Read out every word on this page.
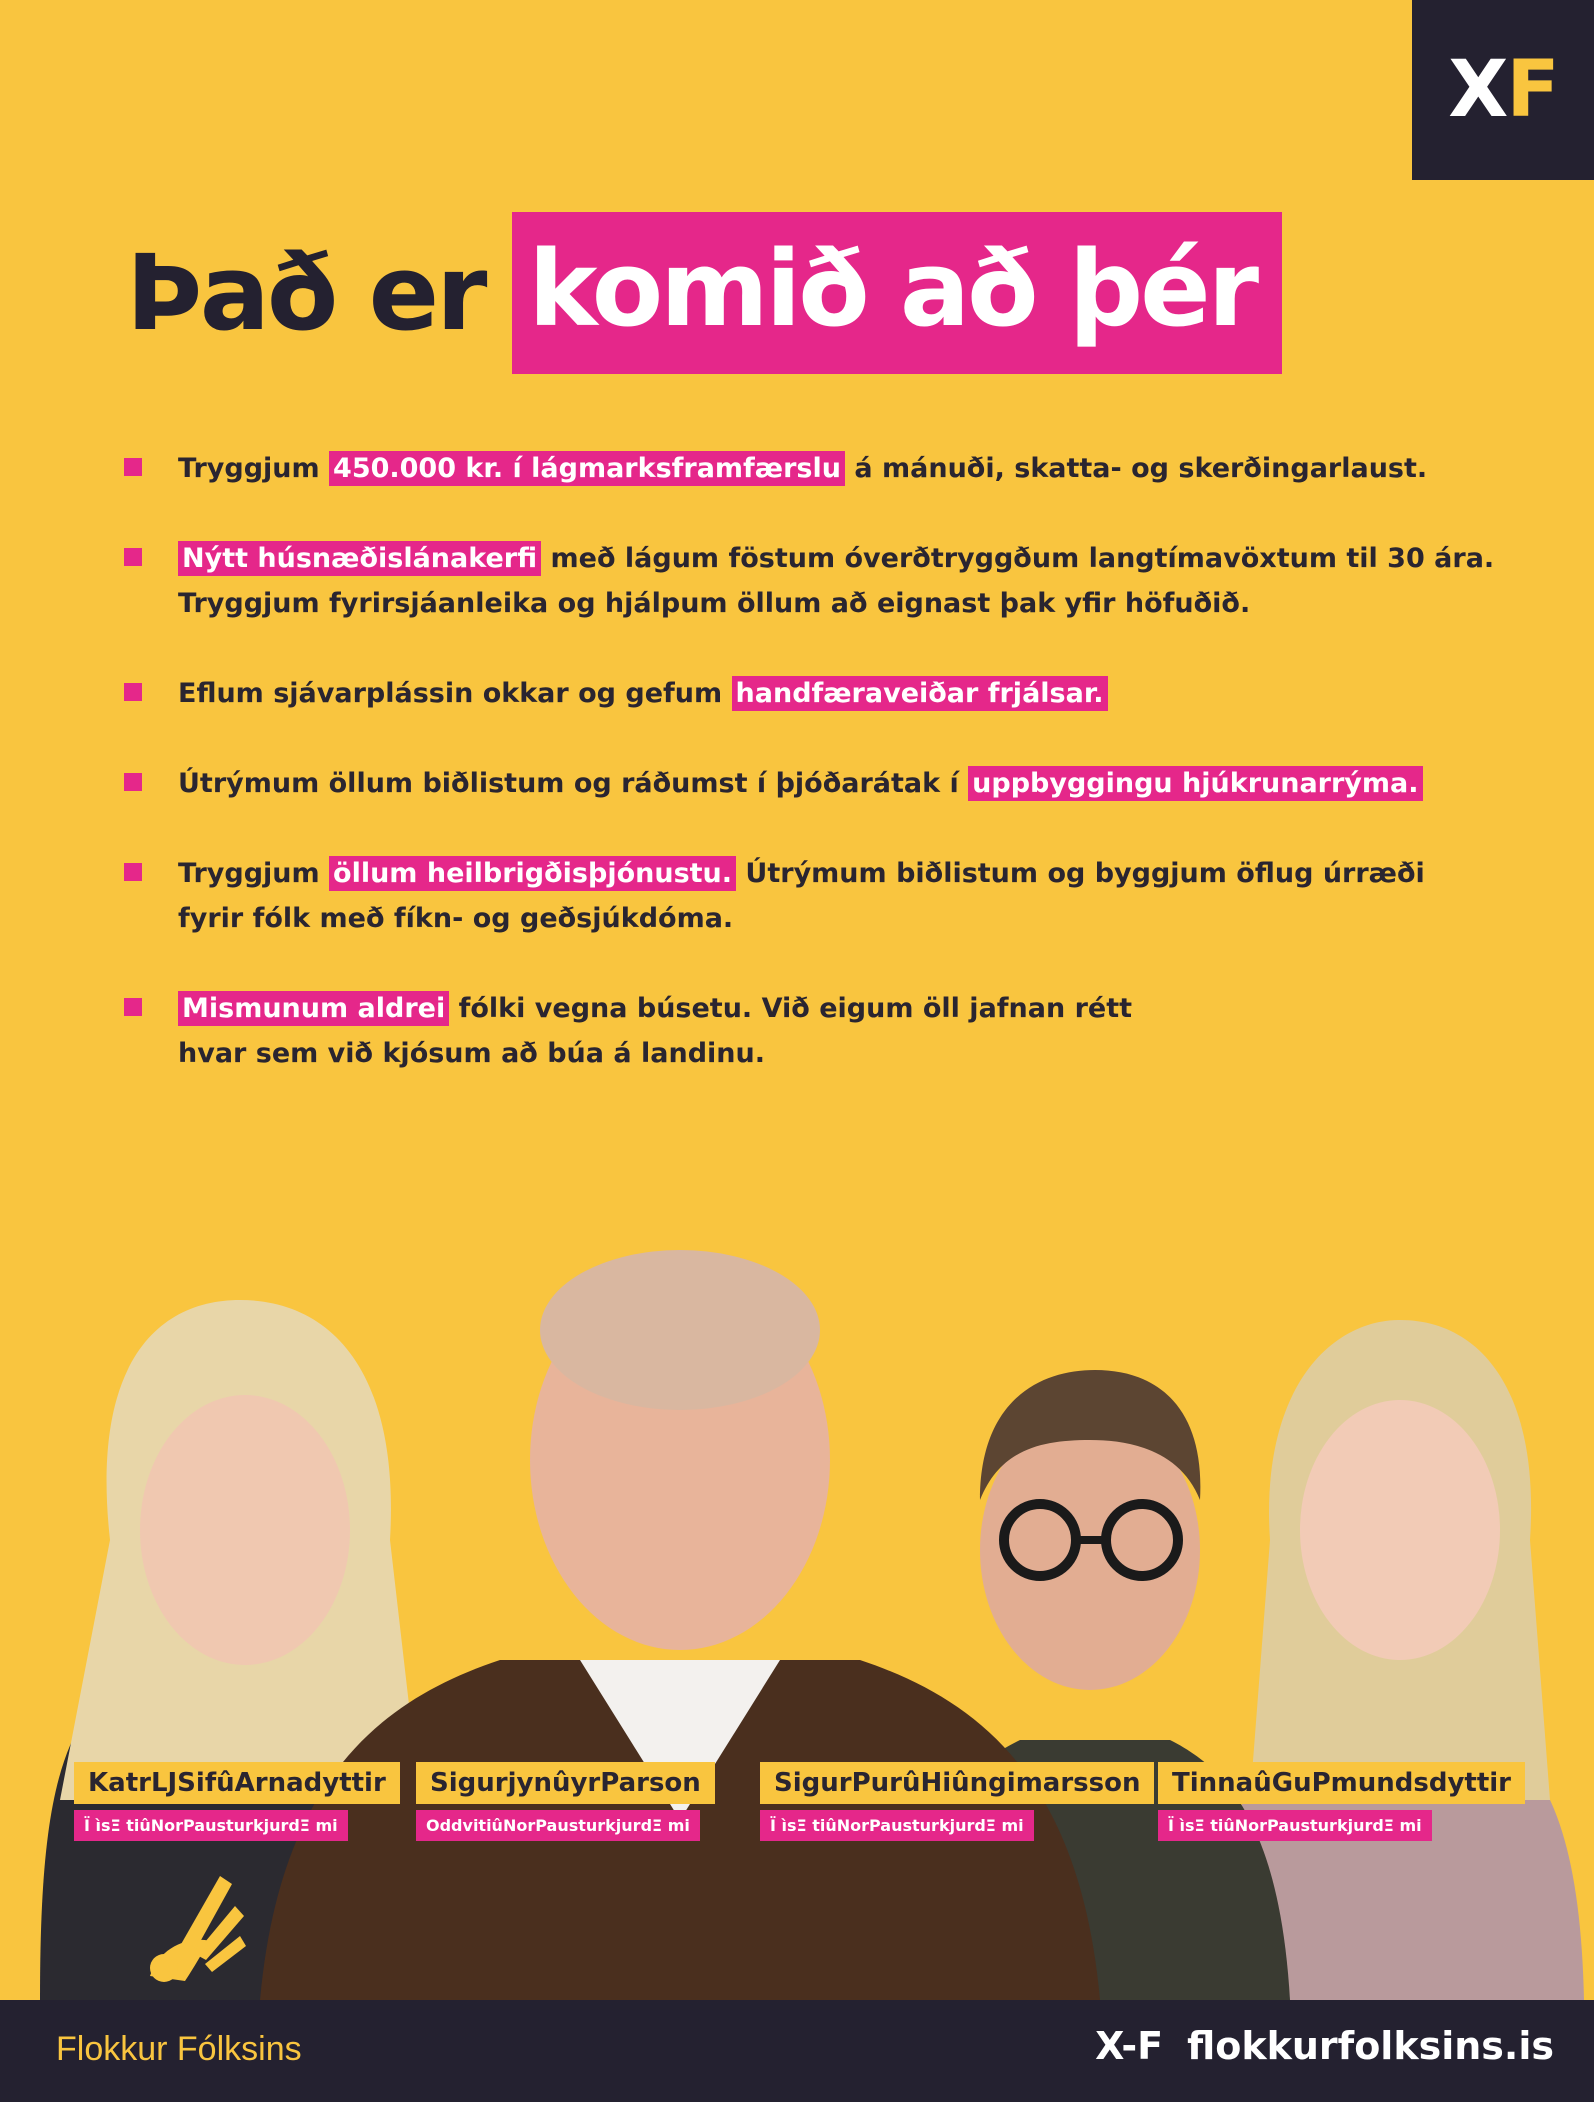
X F
Það er komið að þér
Tryggjum 450.000 kr. í lágmarksframfærslu á mánuði, skatta- og skerðingarlaust.
Nýtt húsnæðislánakerfi með lágum föstum óverðtryggðum langtímavöxtum til 30 ára.
Tryggjum fyrirsjáanleika og hjálpum öllum að eignast þak yfir höfuðið.
Eflum sjávarplássin okkar og gefum handfæraveiðar frjálsar.
Útrýmum öllum biðlistum og ráðumst í þjóðarátak í uppbyggingu hjúkrunarrýma.
Tryggjum öllum heilbrigðisþjónustu. Útrýmum biðlistum og byggjum öflug úrræði
fyrir fólk með fíkn- og geðsjúkdóma.
Mismunum aldrei fólki vegna búsetu. Við eigum öll jafnan rétt
hvar sem við kjósum að búa á landinu.
KatrLJSifûArnadyttir
Ï ìsΞ tiûNorPausturkjurdΞ mi
SigurjynûyrParson
OddvitiûNorPausturkjurdΞ mi
SigurPurûHiûngimarsson
Ï ìsΞ tiûNorPausturkjurdΞ mi
TinnaûGuPmundsdyttir
Ï ìsΞ tiûNorPausturkjurdΞ mi
Flokkur Fólksins	X-F flokkurfolksins.is
